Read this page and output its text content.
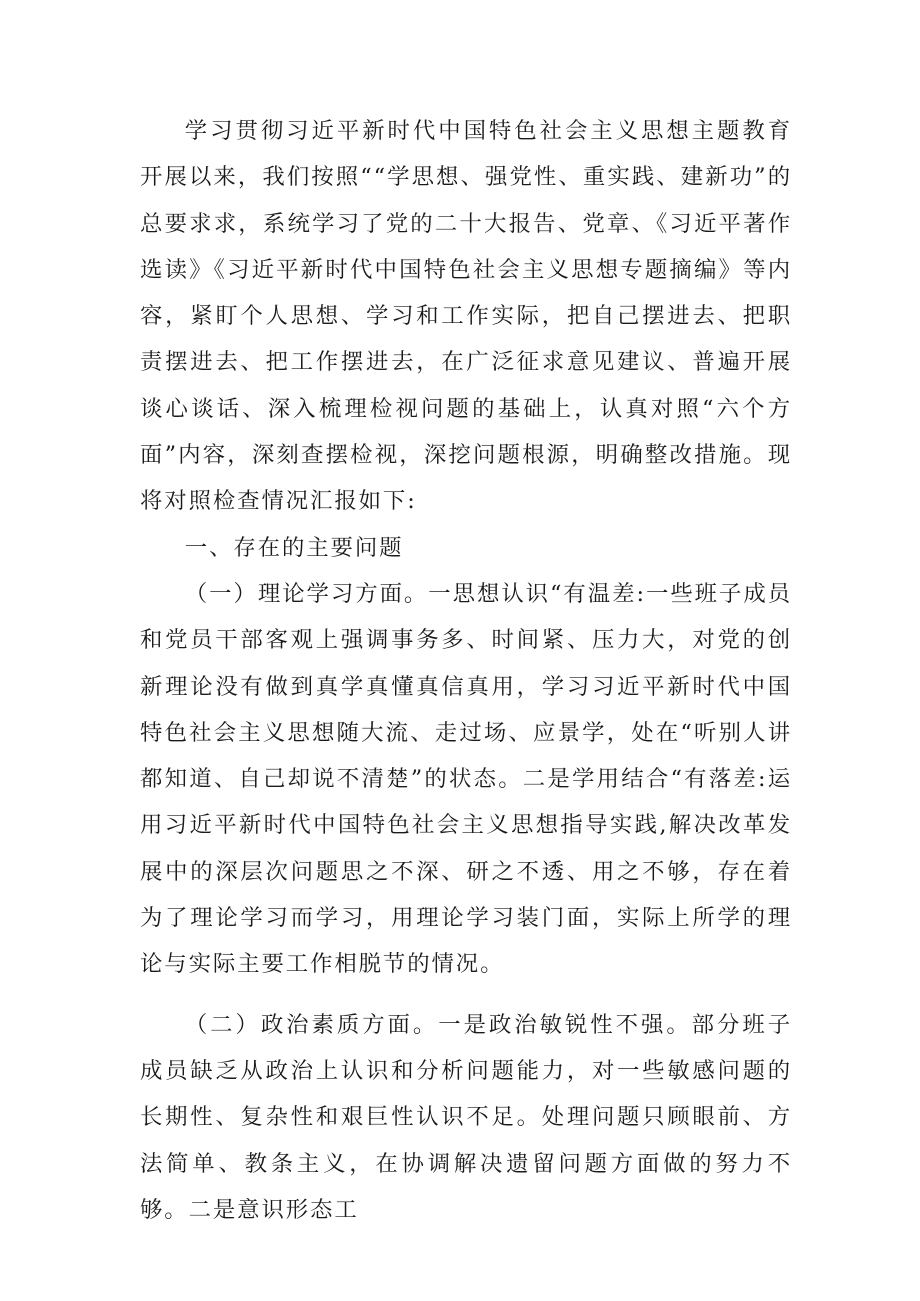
学习贯彻习近平新时代中国特色社会主义思想主题教育开展以来，我们按照““学思想、强党性、重实践、建新功”的总要求求，系统学习了党的二十大报告、党章、《习近平著作选读》《习近平新时代中国特色社会主义思想专题摘编》等内容，紧盯个人思想、学习和工作实际，把自己摆进去、把职责摆进去、把工作摆进去，在广泛征求意见建议、普遍开展谈心谈话、深入梳理检视问题的基础上，认真对照“六个方面”内容，深刻查摆检视，深挖问题根源，明确整改措施。现将对照检查情况汇报如下:

一、存在的主要问题

（一）理论学习方面。一思想认识“有温差:一些班子成员和党员干部客观上强调事务多、时间紧、压力大，对党的创新理论没有做到真学真懂真信真用，学习习近平新时代中国特色社会主义思想随大流、走过场、应景学，处在“听别人讲都知道、自己却说不清楚”的状态。二是学用结合“有落差:运用习近平新时代中国特色社会主义思想指导实践,解决改革发展中的深层次问题思之不深、研之不透、用之不够，存在着为了理论学习而学习，用理论学习装门面，实际上所学的理论与实际主要工作相脱节的情况。

（二）政治素质方面。一是政治敏锐性不强。部分班子成员缺乏从政治上认识和分析问题能力，对一些敏感问题的长期性、复杂性和艰巨性认识不足。处理问题只顾眼前、方法简单、教条主义，在协调解决遗留问题方面做的努力不够。二是意识形态工
